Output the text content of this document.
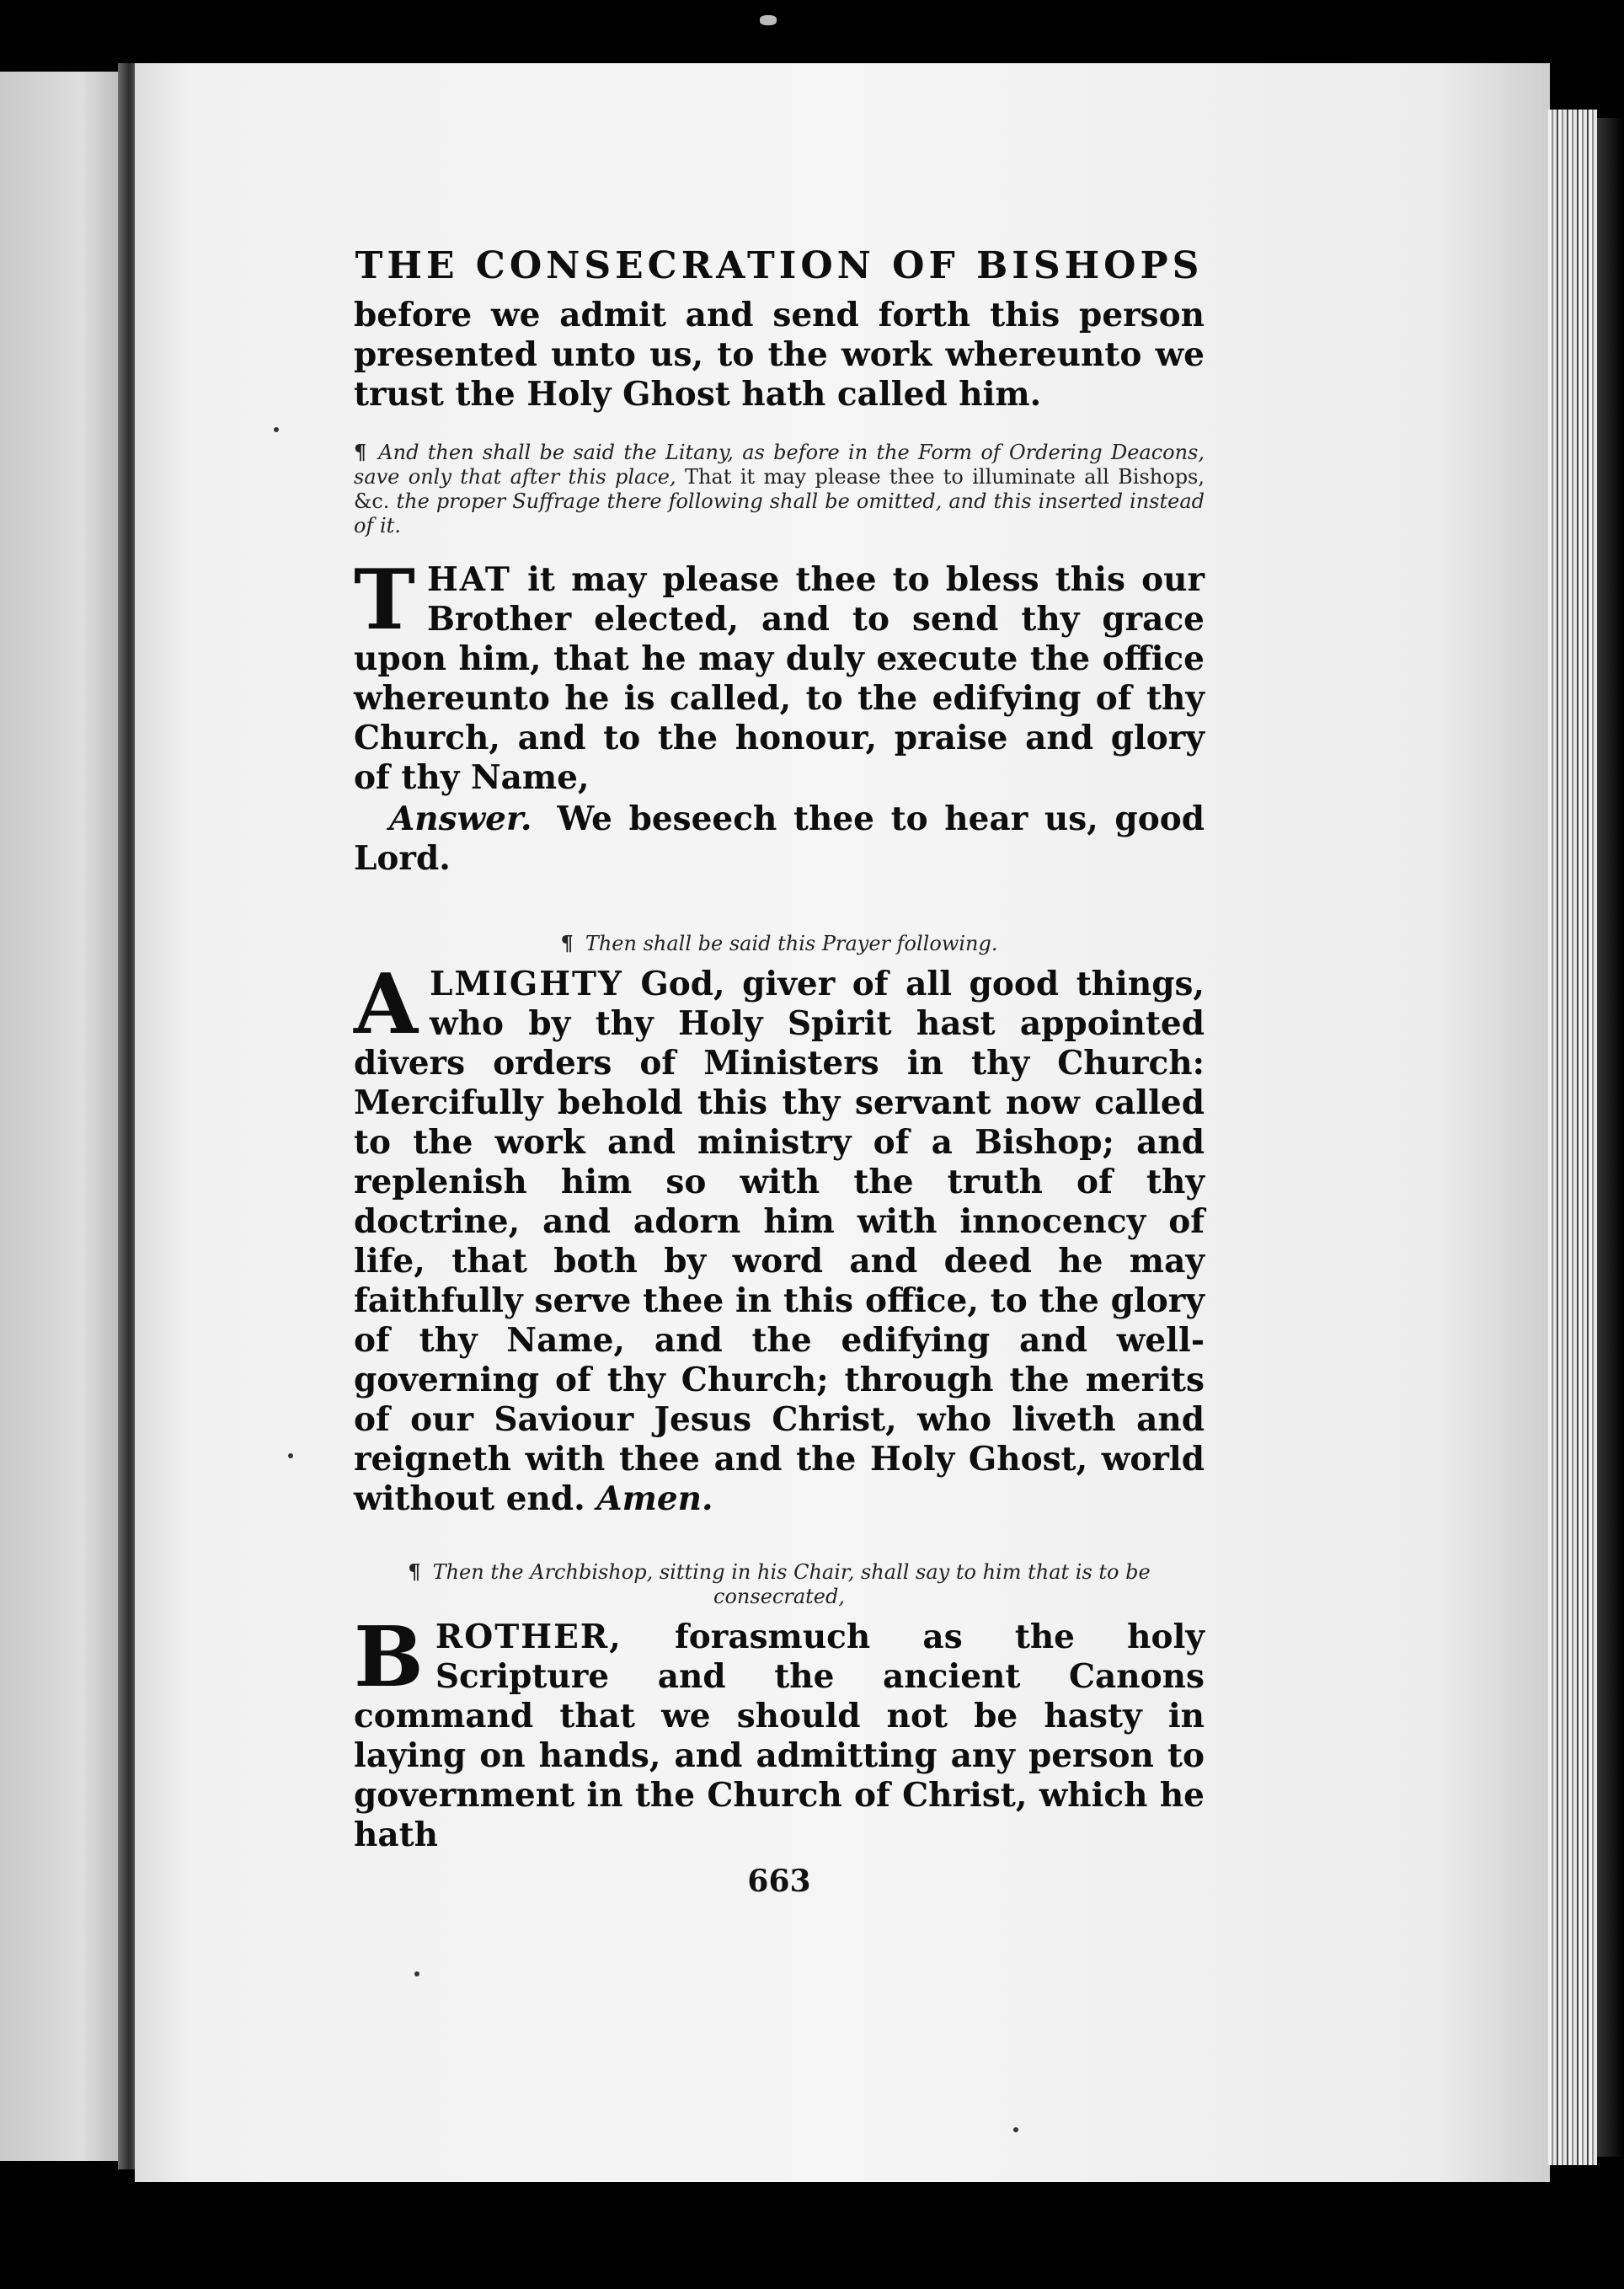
THE CONSECRATION OF BISHOPS

before we admit and send forth this person presented unto us, to the work whereunto we trust the Holy Ghost hath called him.

¶ And then shall be said the Litany, as before in the Form of Ordering Deacons, save only that after this place, That it may please thee to illuminate all Bishops, &c. the proper Suffrage there following shall be omitted, and this inserted instead of it.

THAT it may please thee to bless this our Brother elected, and to send thy grace upon him, that he may duly execute the office whereunto he is called, to the edifying of thy Church, and to the honour, praise and glory of thy Name,

Answer. We beseech thee to hear us, good Lord.

¶ Then shall be said this Prayer following.

ALMIGHTY God, giver of all good things, who by thy Holy Spirit hast appointed divers orders of Ministers in thy Church: Mercifully behold this thy servant now called to the work and ministry of a Bishop; and replenish him so with the truth of thy doctrine, and adorn him with innocency of life, that both by word and deed he may faithfully serve thee in this office, to the glory of thy Name, and the edifying and well-governing of thy Church; through the merits of our Saviour Jesus Christ, who liveth and reigneth with thee and the Holy Ghost, world without end. Amen.

¶ Then the Archbishop, sitting in his Chair, shall say to him that is to be consecrated,

BROTHER, forasmuch as the holy Scripture and the ancient Canons command that we should not be hasty in laying on hands, and admitting any person to government in the Church of Christ, which he hath

663
